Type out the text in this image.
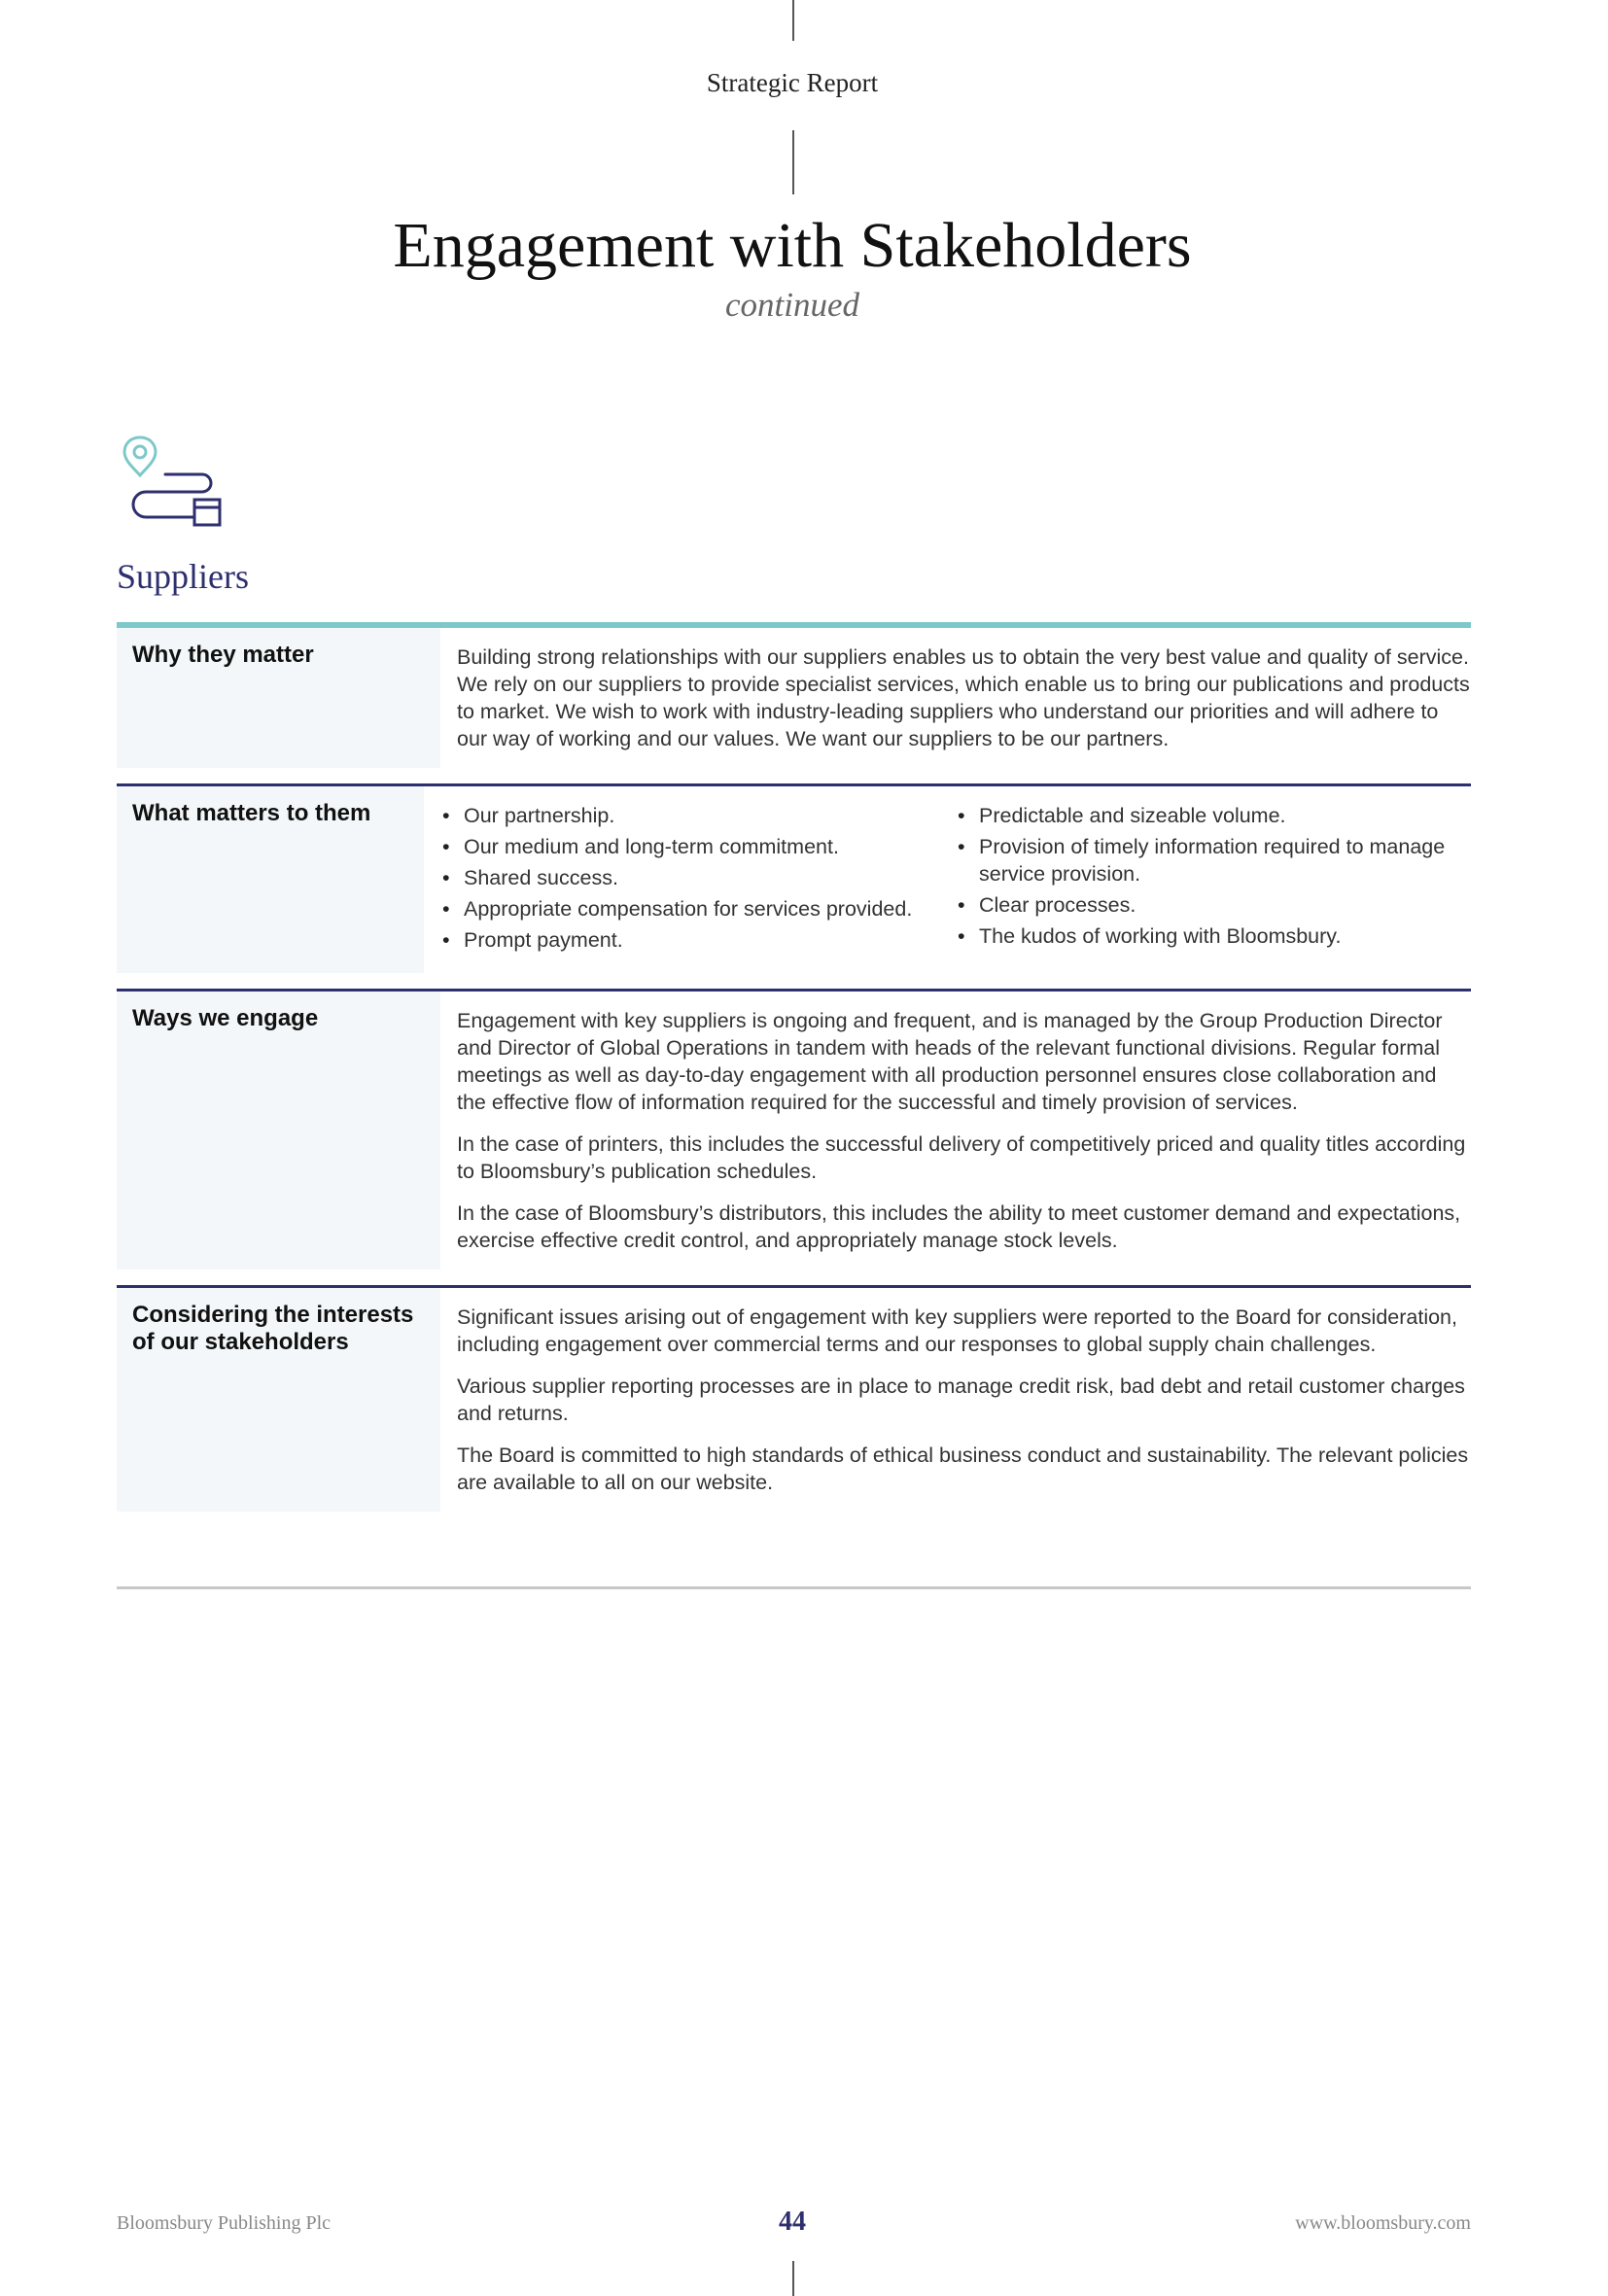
Strategic Report
Engagement with Stakeholders
continued
Suppliers
Why they matter	Building strong relationships with our suppliers enables us to obtain the very best value and quality of service. We rely on our suppliers to provide specialist services, which enable us to bring our publications and products to market. We wish to work with industry-leading suppliers who understand our priorities and will adhere to our way of working and our values. We want our suppliers to be our partners.

What matters to them
•	Our partnership.
• Our medium and long-term commitment.
• Shared success.
• Appropriate compensation for services provided.
• Prompt payment.
• Predictable and sizeable volume.
• Provision of timely information required to manage service provision.
• Clear processes.
• The kudos of working with Bloomsbury.
Ways we engage	Engagement with key suppliers is ongoing and frequent, and is managed by the Group Production Director and Director of Global Operations in tandem with heads of the relevant functional divisions. Regular formal meetings as well as day-to-day engagement with all production personnel ensures close collaboration and the effective flow of information required for the successful and timely provision of services.

In the case of printers, this includes the successful delivery of competitively priced and quality titles according to Bloomsbury’s publication schedules.

In the case of Bloomsbury’s distributors, this includes the ability to meet customer demand and expectations, exercise effective credit control, and appropriately manage stock levels.

Considering the interests of our stakeholders

Significant issues arising out of engagement with key suppliers were reported to the Board for consideration, including engagement over commercial terms and our responses to global supply chain challenges.

Various supplier reporting processes are in place to manage credit risk, bad debt and retail customer charges and returns.

The Board is committed to high standards of ethical business conduct and sustainability. The relevant policies are available to all on our website.

Bloomsbury Publishing Plc	44	www.bloomsbury.com
